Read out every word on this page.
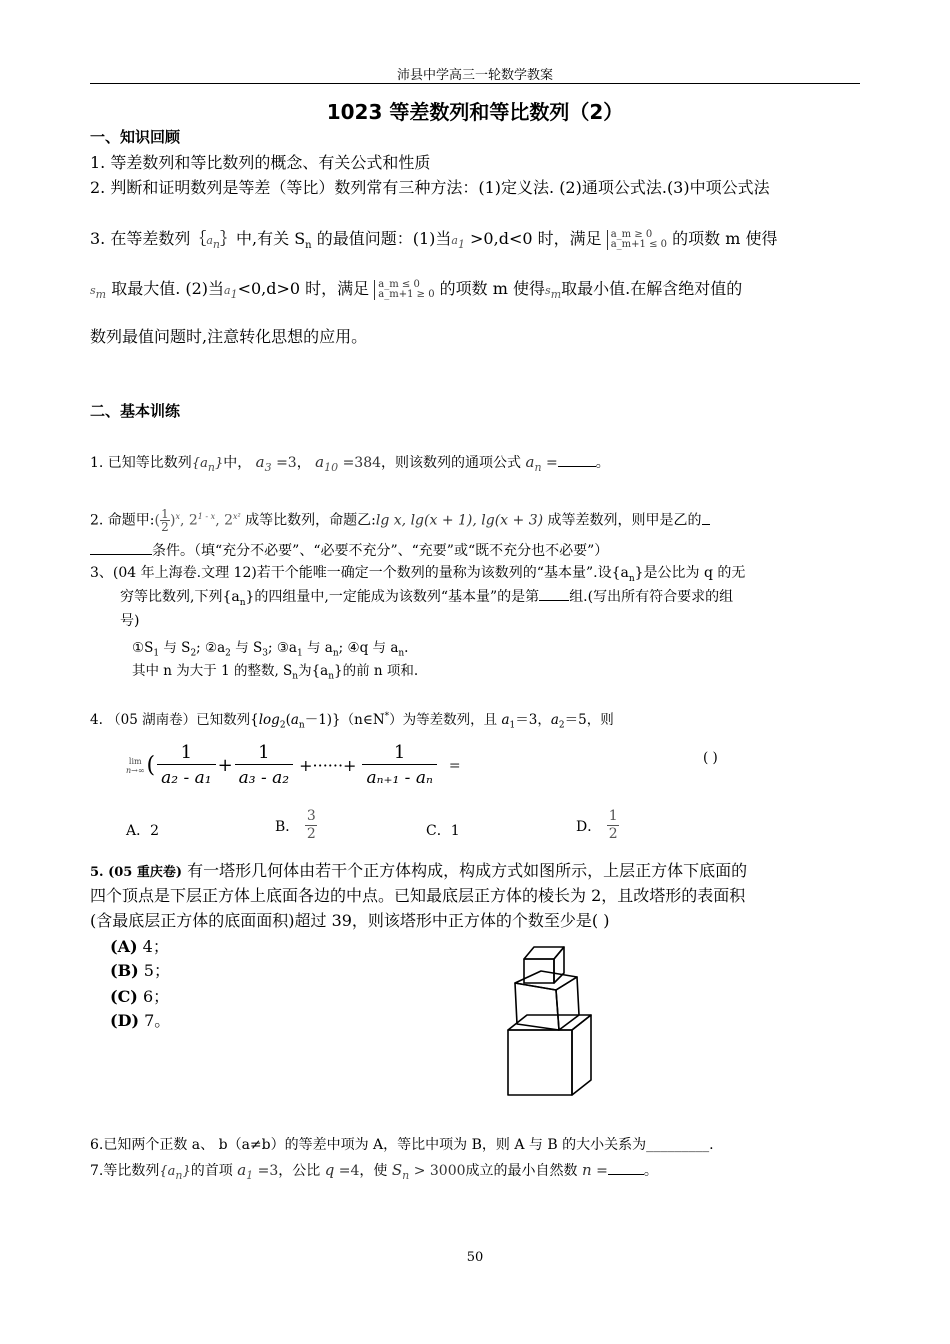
沛县中学高三一轮数学教案
1023 等差数列和等比数列（2）
一、知识回顾
1. 等差数列和等比数列的概念、有关公式和性质
2. 判断和证明数列是等差（等比）数列常有三种方法：(1)定义法. (2)通项公式法.(3)中项公式法
3. 在等差数列$\{a_n\}$中,有关 $S_n$ 的最值问题：(1)当$a_1 >0,d<0$ 时，满足 a_m ≥ 0
a_m+1 ≤ 0 的项数 m 使得
$s_m$ 取最大值. (2)当$a_1<0,d>0$ 时，满足 a_m ≤ 0
a_m+1 ≥ 0 的项数 m 使得$s_m$取最小值.在解含绝对值的
数列最值问题时,注意转化思想的应用。
二、基本训练
1. 已知等比数列$\{a_n\}$中， $a_3 =3$， $a_{10} =384$，则该数列的通项公式 $a_n$ =	。
2. 命题甲:( $\frac{1}{2} )^x$, 2$^{1 - x}$, $2^{x^2}$ 成等比数列，命题乙:lg x, lg(x + 1), lg(x + 3) 成等差数列，则甲是乙的
条件。（填“充分不必要”、“必要不充分”、“充要”或“既不充分也不必要”）
3、(04 年上海卷.文理 12)若干个能唯一确定一个数列的量称为该数列的“基本量”.设$\{a_n\}$是公比为 q 的无
穷等比数列,下列$\{a_n\}$的四组量中,一定能成为该数列“基本量”的是第 组.(写出所有符合要求的组
号)
$①S_1$ 与 $S_2$; $②a_2$ 与 $S_3$; $③a_1$ 与 $a_n$; ④q 与 $a_n$.
其中 n 为大于 1 的整数, $S_n$为$\{a_n\}$的前 n 项和.
4. （05 湖南卷）已知数列$\{\log_2(a_n-1)\}(n\in N^*)$为等差数列，且 $a_1=3$，$a_2=5$，则
lim
n→∞ ( $\frac{1}{\text{a₂ - a₁}} + \frac{1}{\text{a₃ - a₂}}$ +······+ $\frac{1}{\text{aₙ₊₁ - aₙ}}$ =	( )
A．2	B．
3
2	C．1	D．
1
2
5. (05 重庆卷) 有一塔形几何体由若干个正方体构成，构成方式如图所示，上层正方体下底面的
四个顶点是下层正方体上底面各边的中点。已知最底层正方体的棱长为 2，且改塔形的表面积
(含最底层正方体的底面面积)超过 39，则该塔形中正方体的个数至少是( )
(A) 4；
(B) 5；
(C) 6；
(D) 7。
6.已知两个正数 a、 b（a≠b）的等差中项为 A，等比中项为 B，则 A 与 B 的大小关系为_________.
7.等比数列$\{a_n\}$的首项 $a_1 =3$，公比 q =4，使 $S_n > 3000$成立的最小自然数 n =	。
50
